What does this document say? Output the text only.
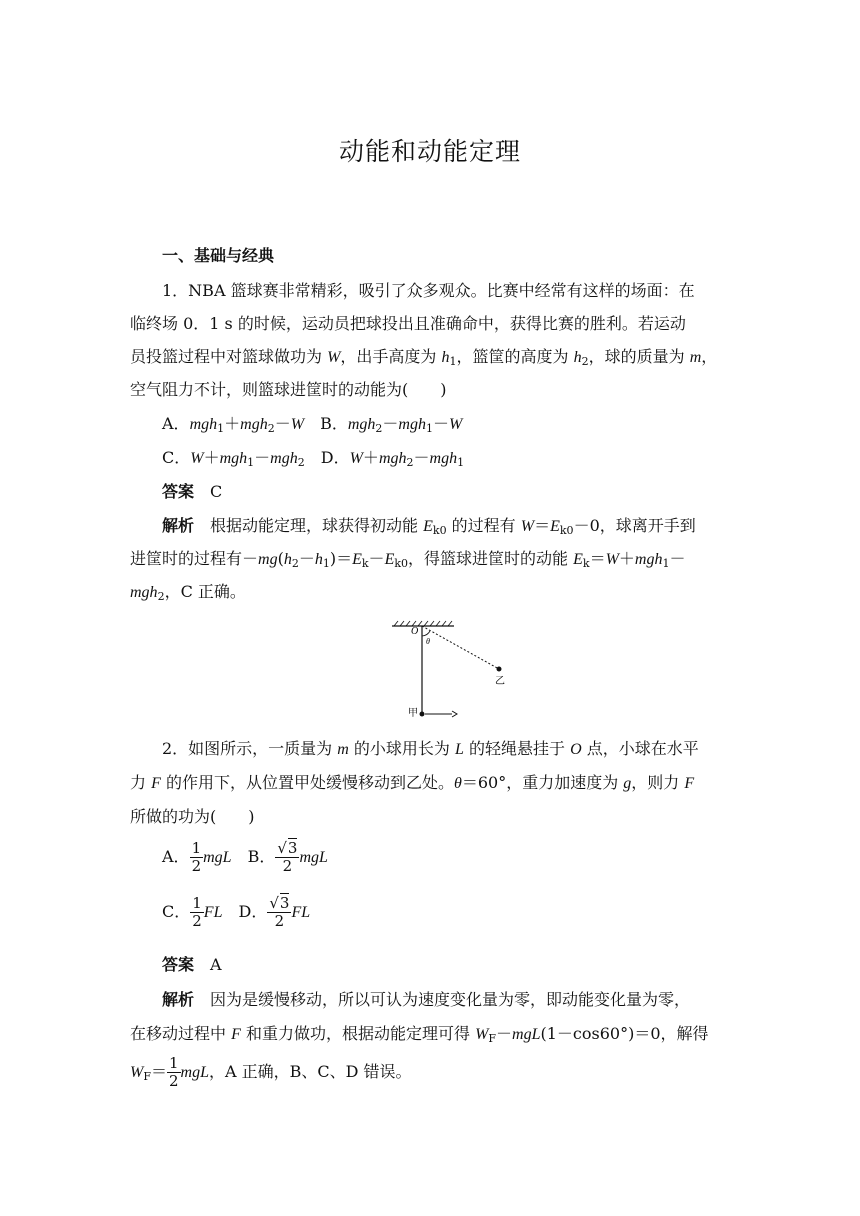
动能和动能定理
一、基础与经典
1．NBA 篮球赛非常精彩，吸引了众多观众。比赛中经常有这样的场面：在
临终场 0．1 s 的时候，运动员把球投出且准确命中，获得比赛的胜利。若运动
员投篮过程中对篮球做功为 W，出手高度为 $h_1$，篮筐的高度为 $h_2$，球的质量为 m，
空气阻力不计，则篮球进筐时的动能为(　　)
A．mgh$_1$＋mgh$_2$－W　 B．mgh$_2$－mgh$_1$－W
C．W＋mgh$_1$－mgh$_2$　 D．W＋mgh$_2$－mgh$_1$
答案　 C
解析　 根据动能定理，球获得初动能 $E_{k0}$ 的过程有 $W=E_{k0}-0$，球离开手到
进筐时的过程有$-mg(h_2-h_1)=E_k-E_{k0}$，得篮球进筐时的动能 $E_k=W+mgh_1-$
mgh$_2$，C 正确。
O
θ
甲
乙
2．如图所示，一质量为 m 的小球用长为 L 的轻绳悬挂于 O 点，小球在水平
力 F 的作用下，从位置甲处缓慢移动到乙处。θ＝60°，重力加速度为 g，则力 F
所做的功为(　　)
A． $\frac{1}{2}$ mgL　 B． $\frac{√3}{2}$ mgL
C． $\frac{1}{2}$ FL　 D． $\frac{√3}{2}$ FL
答案　 A
解析　 因为是缓慢移动，所以可认为速度变化量为零，即动能变化量为零，
在移动过程中 F 和重力做功，根据动能定理可得 $W_F-mgL(1-\cos 60^\circ)=0$，解得
$W_F= \frac{1}{2}$ mgL，A 正确，B、C、D 错误。
